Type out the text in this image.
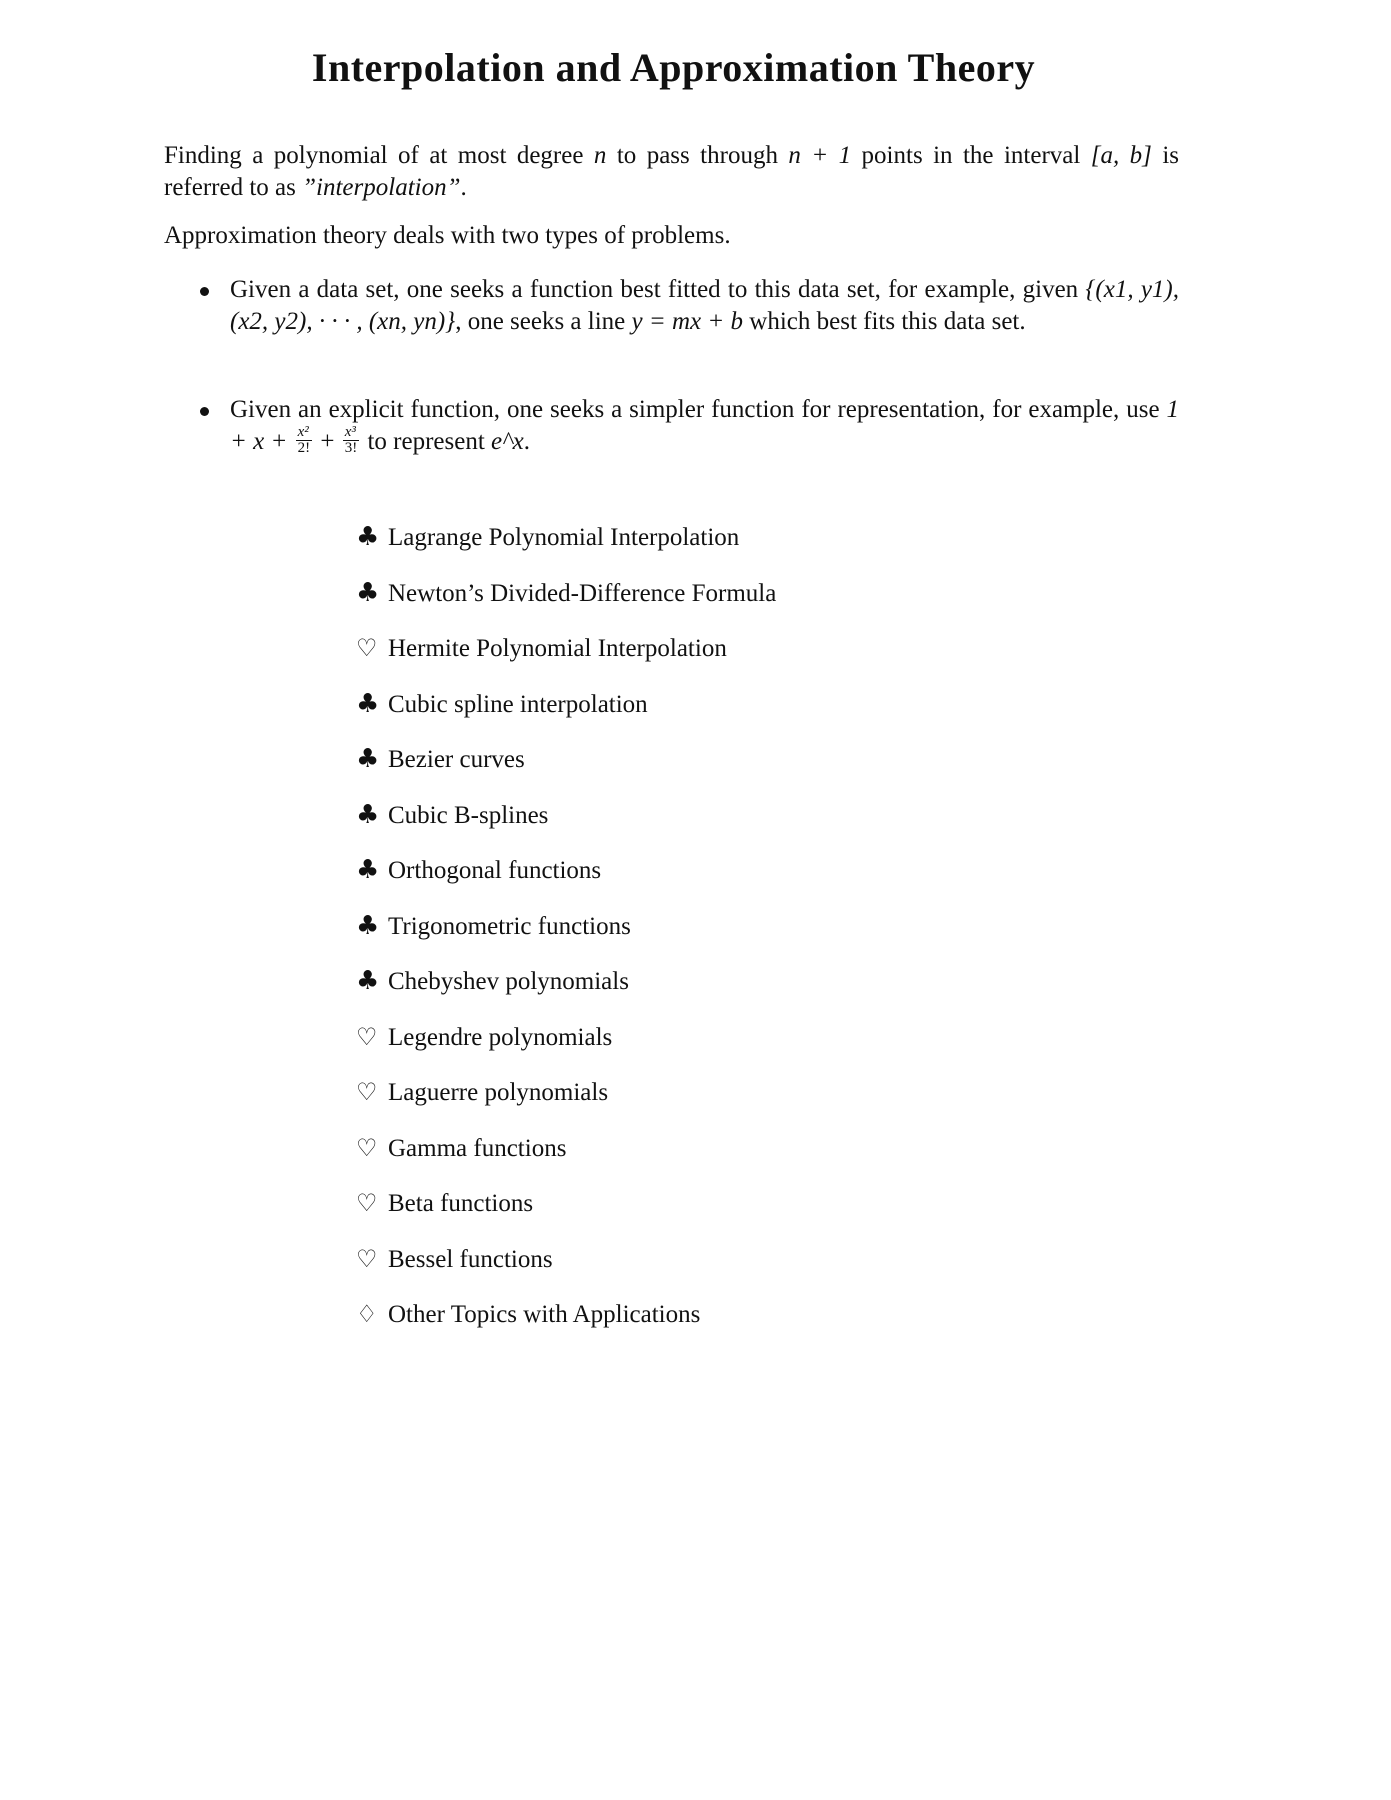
Interpolation and Approximation Theory

Finding a polynomial of at most degree n to pass through n + 1 points in the interval [a, b] is referred to as ”interpolation”.

Approximation theory deals with two types of problems.

Given a data set, one seeks a function best fitted to this data set, for example, given {(x1, y1), (x2, y2), · · · , (xn, yn)}, one seeks a line y = mx + b which best fits this data set.
Given an explicit function, one seeks a simpler function for representation, for example, use $1 + x + \frac{\text{x²}}{2!} + \frac{\text{x³}}{3!}$ to represent e^x.
♣ Lagrange Polynomial Interpolation
♣ Newton’s Divided-Difference Formula
♡ Hermite Polynomial Interpolation
♣ Cubic spline interpolation
♣ Bezier curves
♣ Cubic B-splines
♣ Orthogonal functions
♣ Trigonometric functions
♣ Chebyshev polynomials
♡ Legendre polynomials
♡ Laguerre polynomials
♡ Gamma functions
♡ Beta functions
♡ Bessel functions
♢ Other Topics with Applications
